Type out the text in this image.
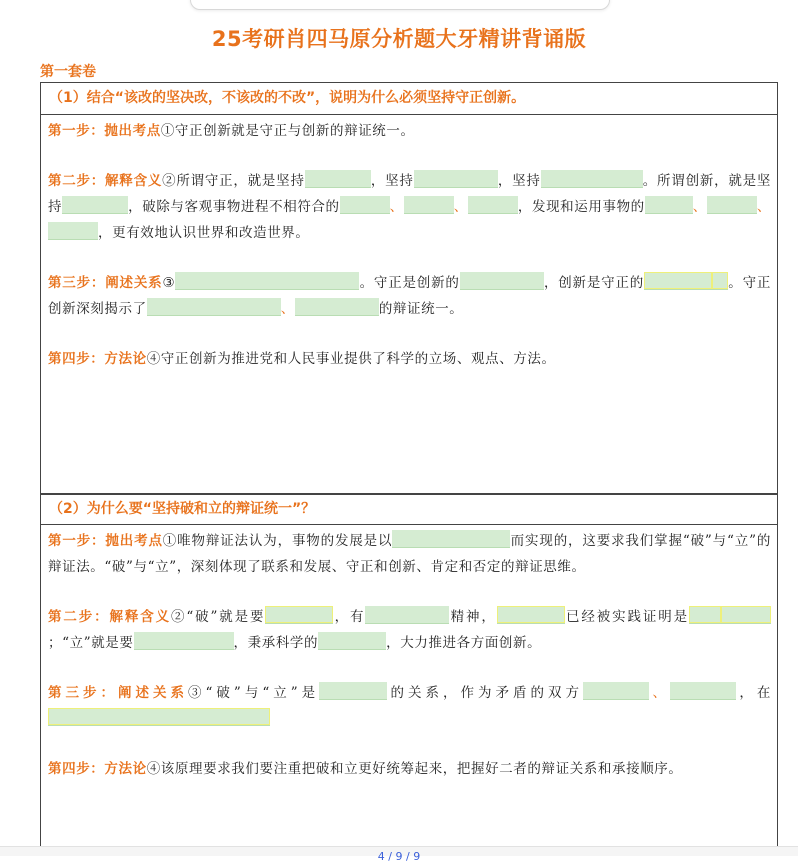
25考研肖四马原分析题大牙精讲背诵版
第一套卷
（1）结合“该改的坚决改，不该改的不改”，说明为什么必须坚持守正创新。

第一步：抛出考点①守正创新就是守正与创新的辩证统一。

第二步：解释含义②所谓守正，就是坚持	，坚持	，坚持	。所谓创新，就是坚持	，破除与客观事物进程不相符合的	、	、	，发现和运用事物的	、	、，更有效地认识世界和改造世界。

第三步：阐述关系③	。守正是创新的	，创新是守正的	。守正创新深刻揭示了	、	的辩证统一。

第四步：方法论④守正创新为推进党和人民事业提供了科学的立场、观点、方法。

（2）为什么要“坚持破和立的辩证统一”？

第一步：抛出考点①唯物辩证法认为，事物的发展是以	而实现的，这要求我们掌握“破”与“立”的辩证法。“破”与“立”，深刻体现了联系和发展、守正和创新、肯定和否定的辩证思维。

第二步：解释含义②“破”就是要	，有	精神，	已经被实践证明是；“立”就是要	，秉承科学的	，大力推进各方面创新。

第三步：阐述关系③“破”与“立”是	的关系，作为矛盾的双方	、	，在

第四步：方法论④该原理要求我们要注重把破和立更好统筹起来，把握好二者的辩证关系和承接顺序。

4 / 9 / 9
